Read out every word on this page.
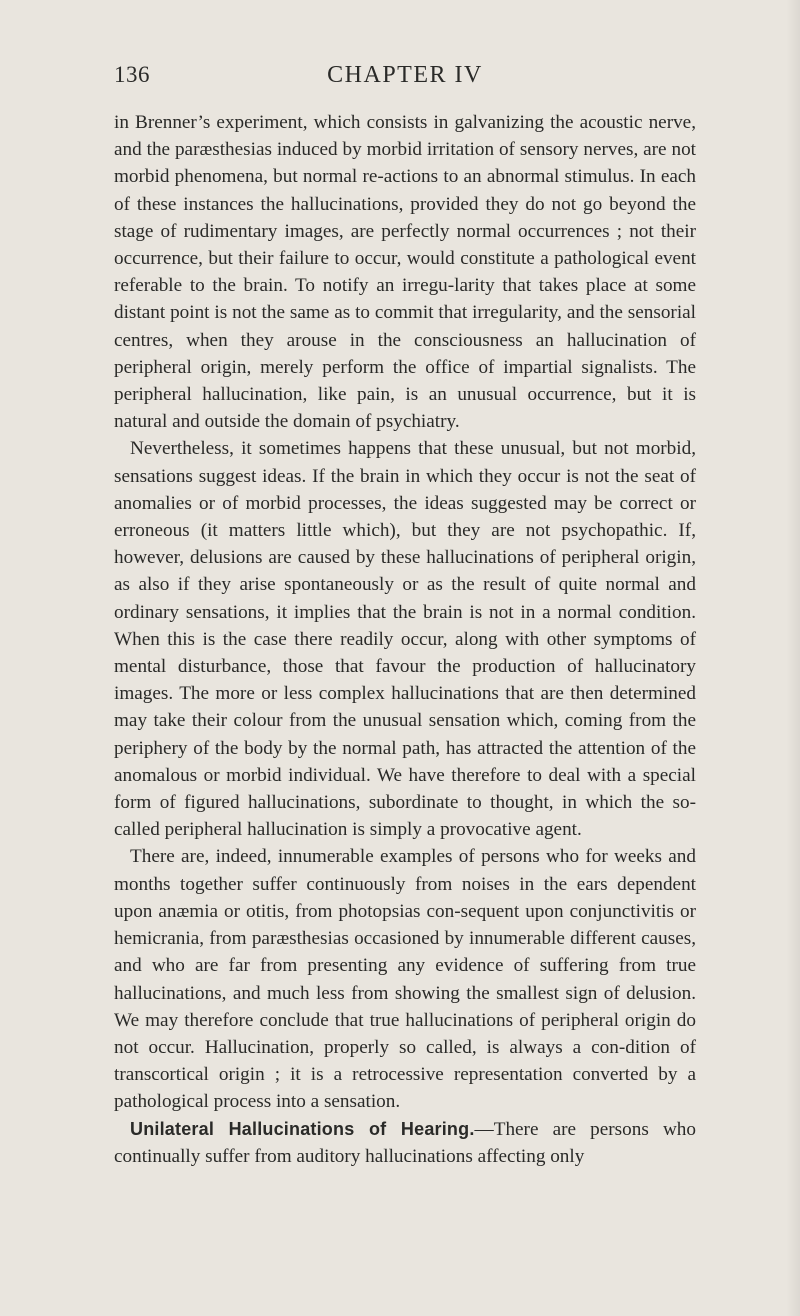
136	CHAPTER IV

in Brenner’s experiment, which consists in galvanizing the acoustic nerve, and the paræsthesias induced by morbid irritation of sensory nerves, are not morbid phenomena, but normal re-actions to an abnormal stimulus. In each of these instances the hallucinations, provided they do not go beyond the stage of rudimentary images, are perfectly normal occurrences ; not their occurrence, but their failure to occur, would constitute a pathological event referable to the brain. To notify an irregu-larity that takes place at some distant point is not the same as to commit that irregularity, and the sensorial centres, when they arouse in the consciousness an hallucination of peripheral origin, merely perform the office of impartial signalists. The peripheral hallucination, like pain, is an unusual occurrence, but it is natural and outside the domain of psychiatry.

Nevertheless, it sometimes happens that these unusual, but not morbid, sensations suggest ideas. If the brain in which they occur is not the seat of anomalies or of morbid processes, the ideas suggested may be correct or erroneous (it matters little which), but they are not psychopathic. If, however, delusions are caused by these hallucinations of peripheral origin, as also if they arise spontaneously or as the result of quite normal and ordinary sensations, it implies that the brain is not in a normal condition. When this is the case there readily occur, along with other symptoms of mental disturbance, those that favour the production of hallucinatory images. The more or less complex hallucinations that are then determined may take their colour from the unusual sensation which, coming from the periphery of the body by the normal path, has attracted the attention of the anomalous or morbid individual. We have therefore to deal with a special form of figured hallucinations, subordinate to thought, in which the so-called peripheral hallucination is simply a provocative agent.

There are, indeed, innumerable examples of persons who for weeks and months together suffer continuously from noises in the ears dependent upon anæmia or otitis, from photopsias con-sequent upon conjunctivitis or hemicrania, from paræsthesias occasioned by innumerable different causes, and who are far from presenting any evidence of suffering from true hallucinations, and much less from showing the smallest sign of delusion. We may therefore conclude that true hallucinations of peripheral origin do not occur. Hallucination, properly so called, is always a con-dition of transcortical origin ; it is a retrocessive representation converted by a pathological process into a sensation.

Unilateral Hallucinations of Hearing.—There are persons who continually suffer from auditory hallucinations affecting only
